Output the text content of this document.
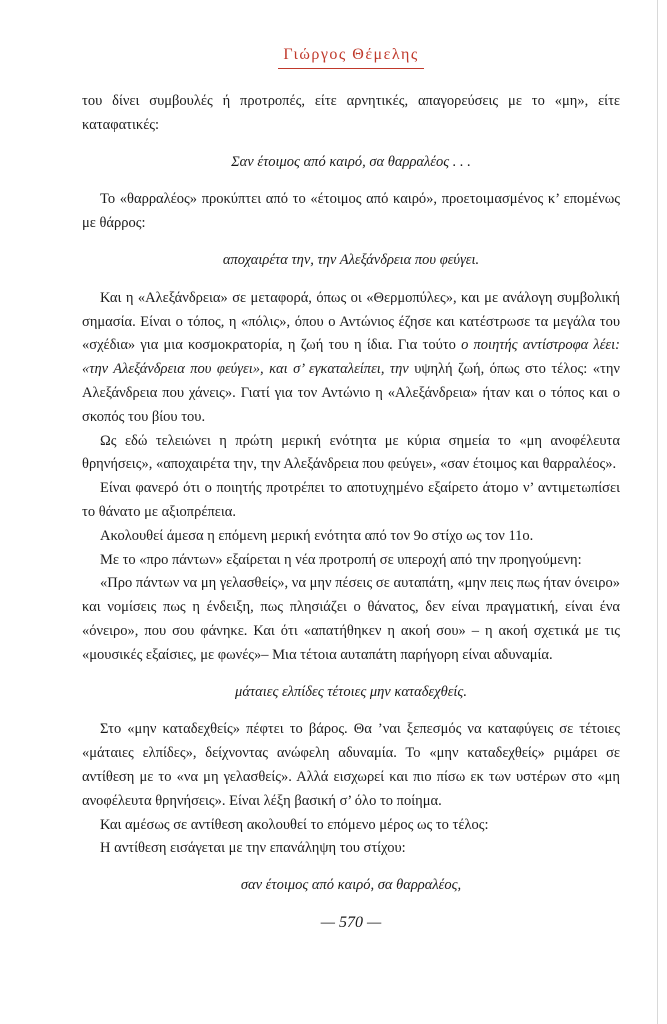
Γιώργος Θέμελης

του δίνει συμβουλές ή προτροπές, είτε αρνητικές, απαγορεύσεις με το «μη», είτε καταφατικές:

Σαν έτοιμος από καιρό, σα θαρραλέος . . .

Το «θαρραλέος» προκύπτει από το «έτοιμος από καιρό», προετοιμασμένος κ’ επομένως με θάρρος:

αποχαιρέτα την, την Αλεξάνδρεια που φεύγει.

Και η «Αλεξάνδρεια» σε μεταφορά, όπως οι «Θερμοπύλες», και με ανάλογη συμβολική σημασία. Είναι ο τόπος, η «πόλις», όπου ο Αντώνιος έζησε και κατέστρωσε τα μεγάλα του «σχέδια» για μια κοσμοκρατορία, η ζωή του η ίδια. Για τούτο ο ποιητής αντίστροφα λέει: «την Αλεξάνδρεια που φεύγει», και σ’ εγκαταλείπει, την υψηλή ζωή, όπως στο τέλος: «την Αλεξάνδρεια που χάνεις». Γιατί για τον Αντώνιο η «Αλεξάνδρεια» ήταν και ο τόπος και ο σκοπός του βίου του.

Ως εδώ τελειώνει η πρώτη μερική ενότητα με κύρια σημεία το «μη ανοφέλευτα θρηνήσεις», «αποχαιρέτα την, την Αλεξάνδρεια που φεύγει», «σαν έτοιμος και θαρραλέος».

Είναι φανερό ότι ο ποιητής προτρέπει το αποτυχημένο εξαίρετο άτομο ν’ αντιμετωπίσει το θάνατο με αξιοπρέπεια.

Ακολουθεί άμεσα η επόμενη μερική ενότητα από τον 9ο στίχο ως τον 11ο.

Με το «προ πάντων» εξαίρεται η νέα προτροπή σε υπεροχή από την προηγούμενη:

«Προ πάντων να μη γελασθείς», να μην πέσεις σε αυταπάτη, «μην πεις πως ήταν όνειρο» και νομίσεις πως η ένδειξη, πως πλησιάζει ο θάνατος, δεν είναι πραγματική, είναι ένα «όνειρο», που σου φάνηκε. Και ότι «απατήθηκεν η ακοή σου» – η ακοή σχετικά με τις «μουσικές εξαίσιες, με φωνές»– Μια τέτοια αυταπάτη παρήγορη είναι αδυναμία.

μάταιες ελπίδες τέτοιες μην καταδεχθείς.

Στο «μην καταδεχθείς» πέφτει το βάρος. Θα ’ναι ξεπεσμός να καταφύγεις σε τέτοιες «μάταιες ελπίδες», δείχνοντας ανώφελη αδυναμία. Το «μην καταδεχθείς» ριμάρει σε αντίθεση με το «να μη γελασθείς». Αλλά εισχωρεί και πιο πίσω εκ των υστέρων στο «μη ανοφέλευτα θρηνήσεις». Είναι λέξη βασική σ’ όλο το ποίημα.

Και αμέσως σε αντίθεση ακολουθεί το επόμενο μέρος ως το τέλος:

Η αντίθεση εισάγεται με την επανάληψη του στίχου:

σαν έτοιμος από καιρό, σα θαρραλέος,

— 570 —
